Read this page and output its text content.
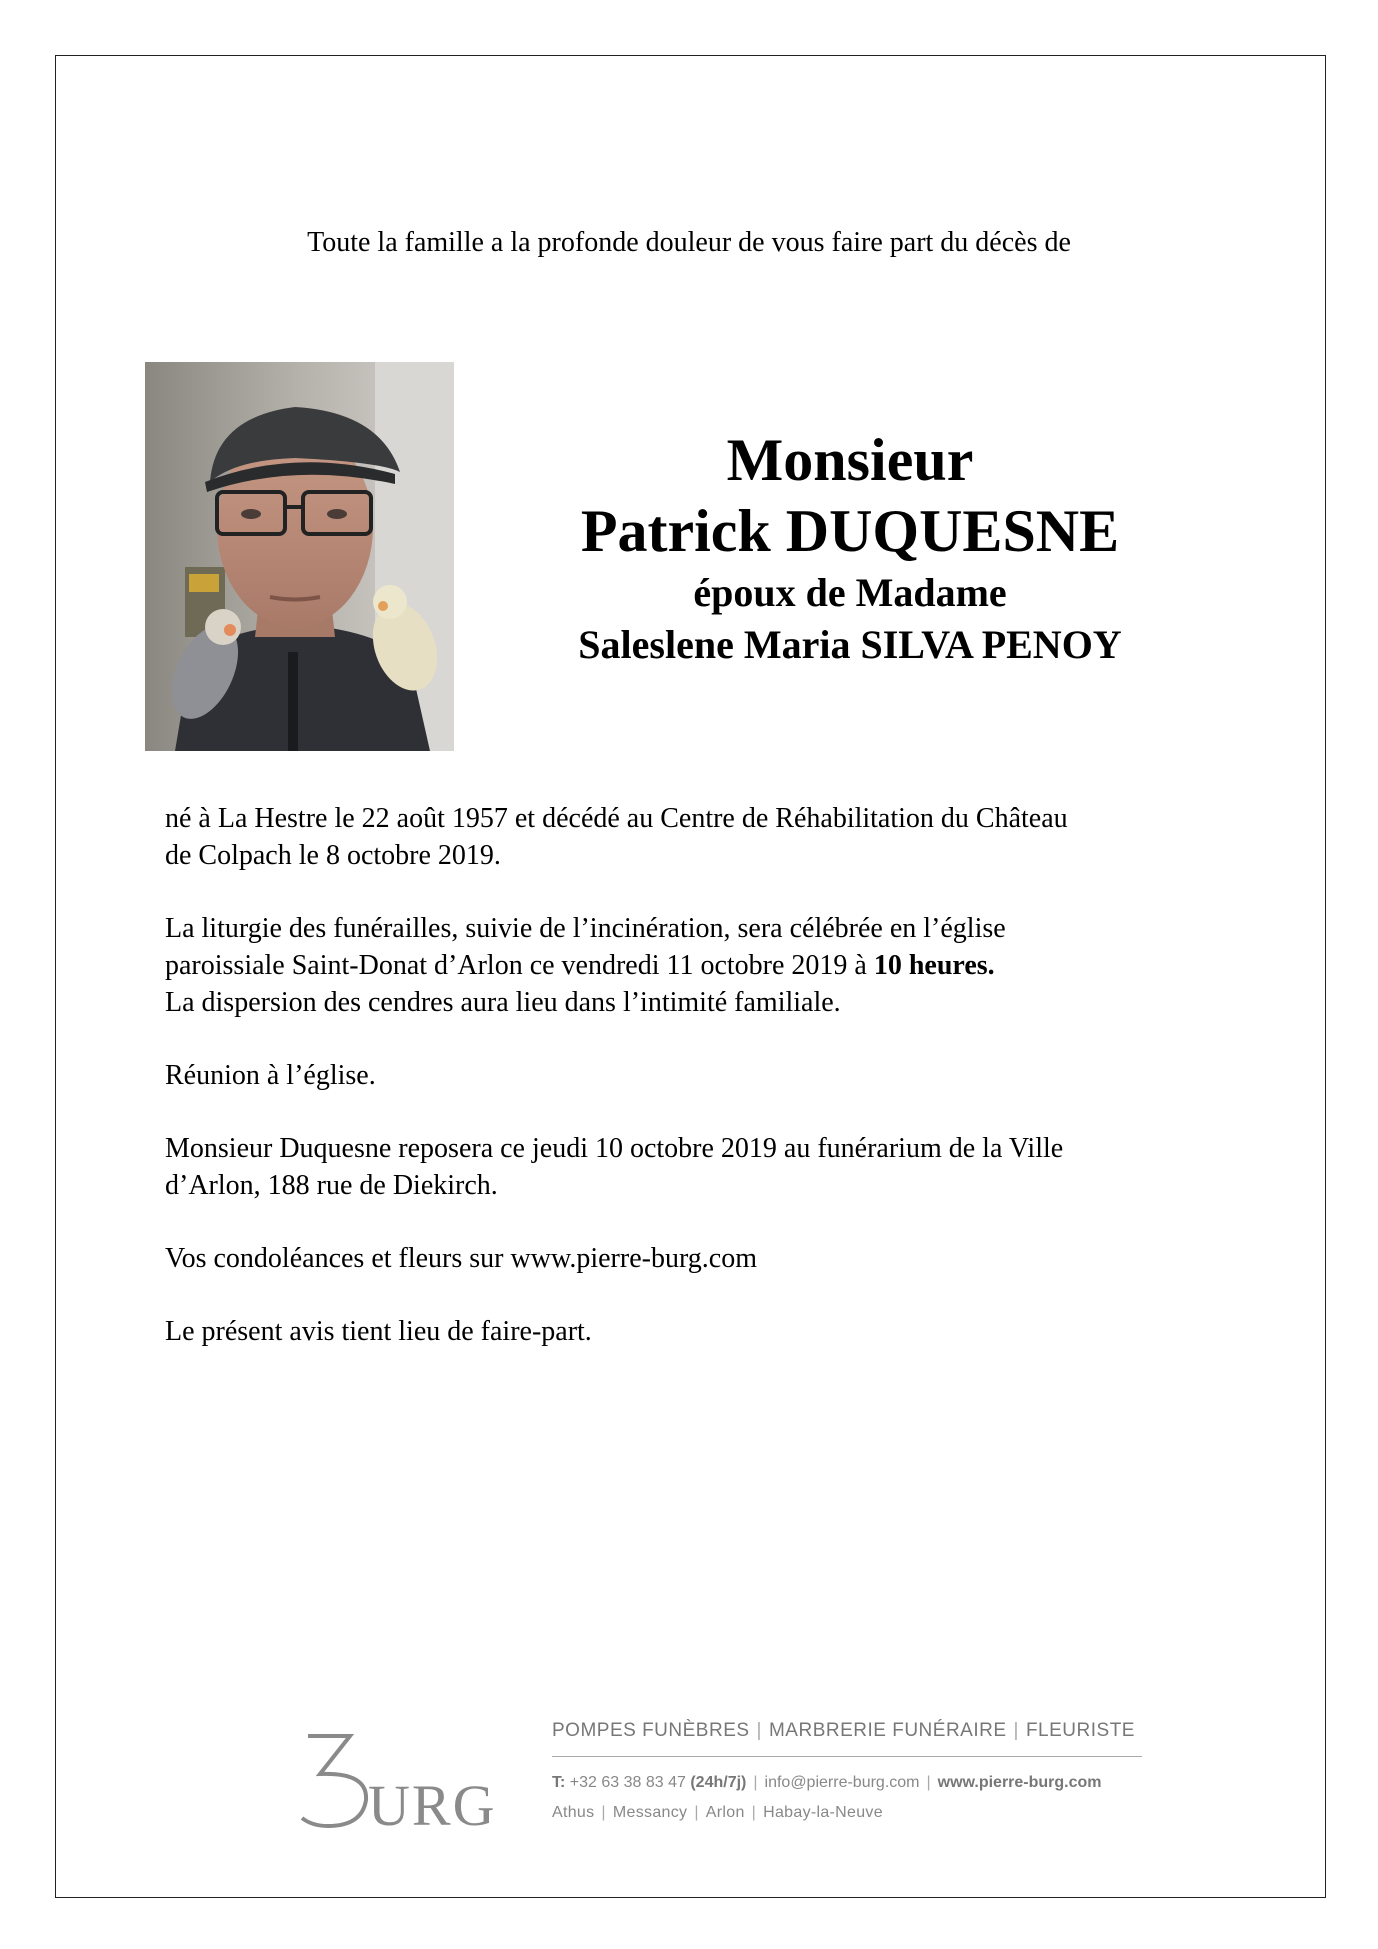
Toute la famille a la profonde douleur de vous faire part du décès de
Monsieur
Patrick DUQUESNE
époux de Madame
Saleslene Maria SILVA PENOY

né à La Hestre le 22 août 1957 et décédé au Centre de Réhabilitation du Château
de Colpach le 8 octobre 2019.

La liturgie des funérailles, suivie de l’incinération, sera célébrée en l’église
paroissiale Saint-Donat d’Arlon ce vendredi 11 octobre 2019 à 10 heures.
La dispersion des cendres aura lieu dans l’intimité familiale.

Réunion à l’église.

Monsieur Duquesne reposera ce jeudi 10 octobre 2019 au funérarium de la Ville
d’Arlon, 188 rue de Diekirch.

Vos condoléances et fleurs sur www.pierre-burg.com

Le présent avis tient lieu de faire-part.

URG
POMPES FUNÈBRES | MARBRERIE FUNÉRAIRE | FLEURISTE
T: +32 63 38 83 47 (24h/7j) | info@pierre-burg.com | www.pierre-burg.com
Athus | Messancy | Arlon | Habay-la-Neuve
